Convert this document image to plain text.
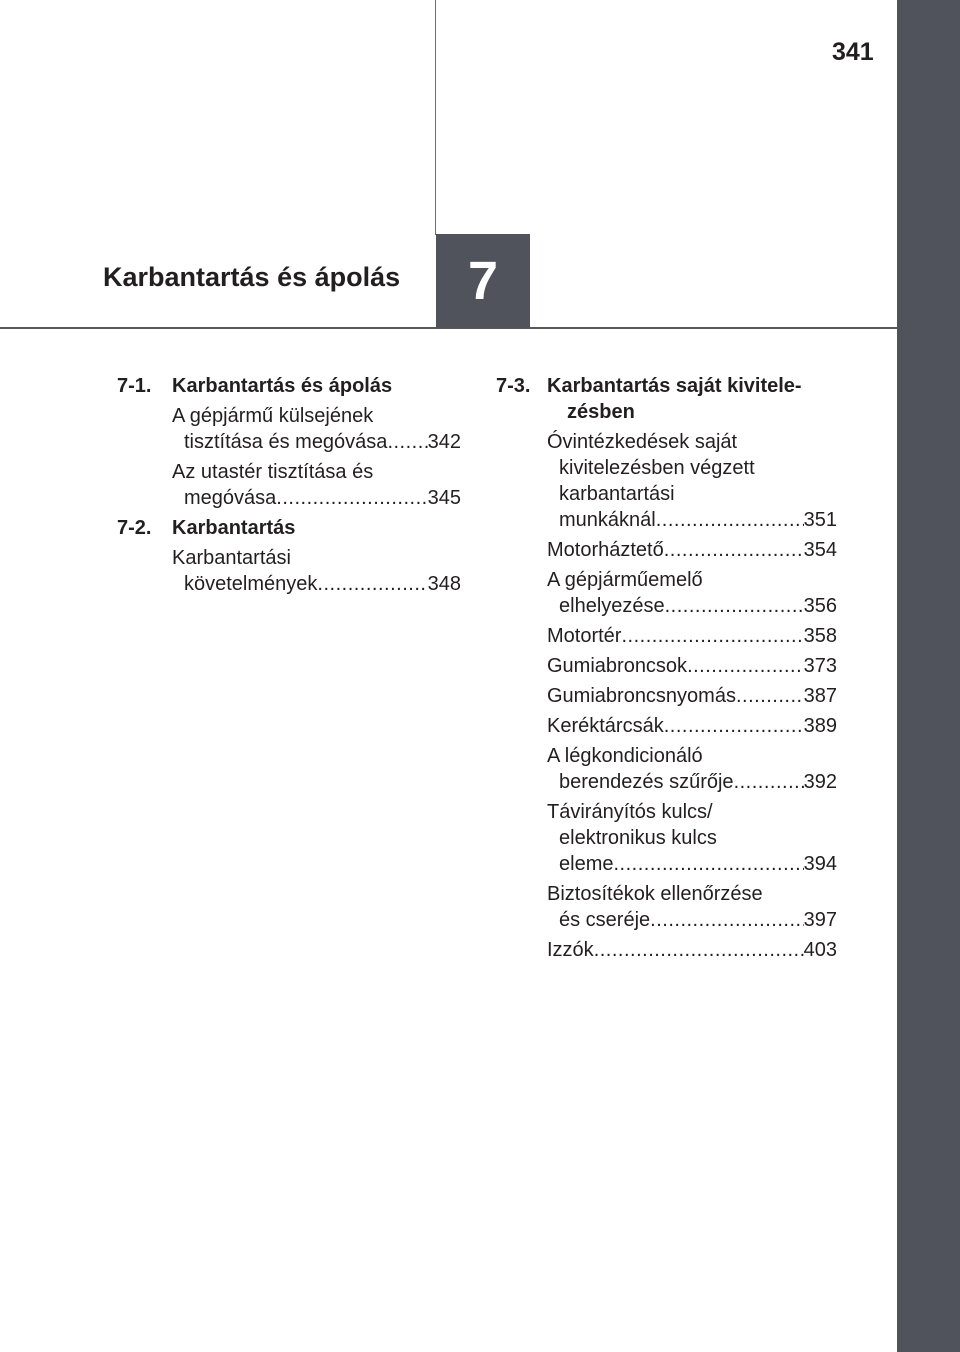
341
Karbantartás és ápolás 7
7-1.	Karbantartás és ápolás
A gépjármű külsejének
tisztítása és megóvása ..... 342
Az utastér tisztítása és
megóvása .....	345
7-2.	Karbantartás
Karbantartási
követelmények .....	348
7-3. Karbantartás saját kivitele-
zésben
Óvintézkedések saját
kivitelezésben végzett
karbantartási
munkáknál .....	351
Motorháztető .....	354
A gépjárműemelő
elhelyezése .....	356
Motortér .....	358
Gumiabroncsok .....	373
Gumiabroncsnyomás .....	387
Keréktárcsák .....	389
A légkondicionáló
berendezés szűrője .....	392
Távirányítós kulcs/
elektronikus kulcs
eleme .....	394
Biztosítékok ellenőrzése
és cseréje .....	397
Izzók .....	403
